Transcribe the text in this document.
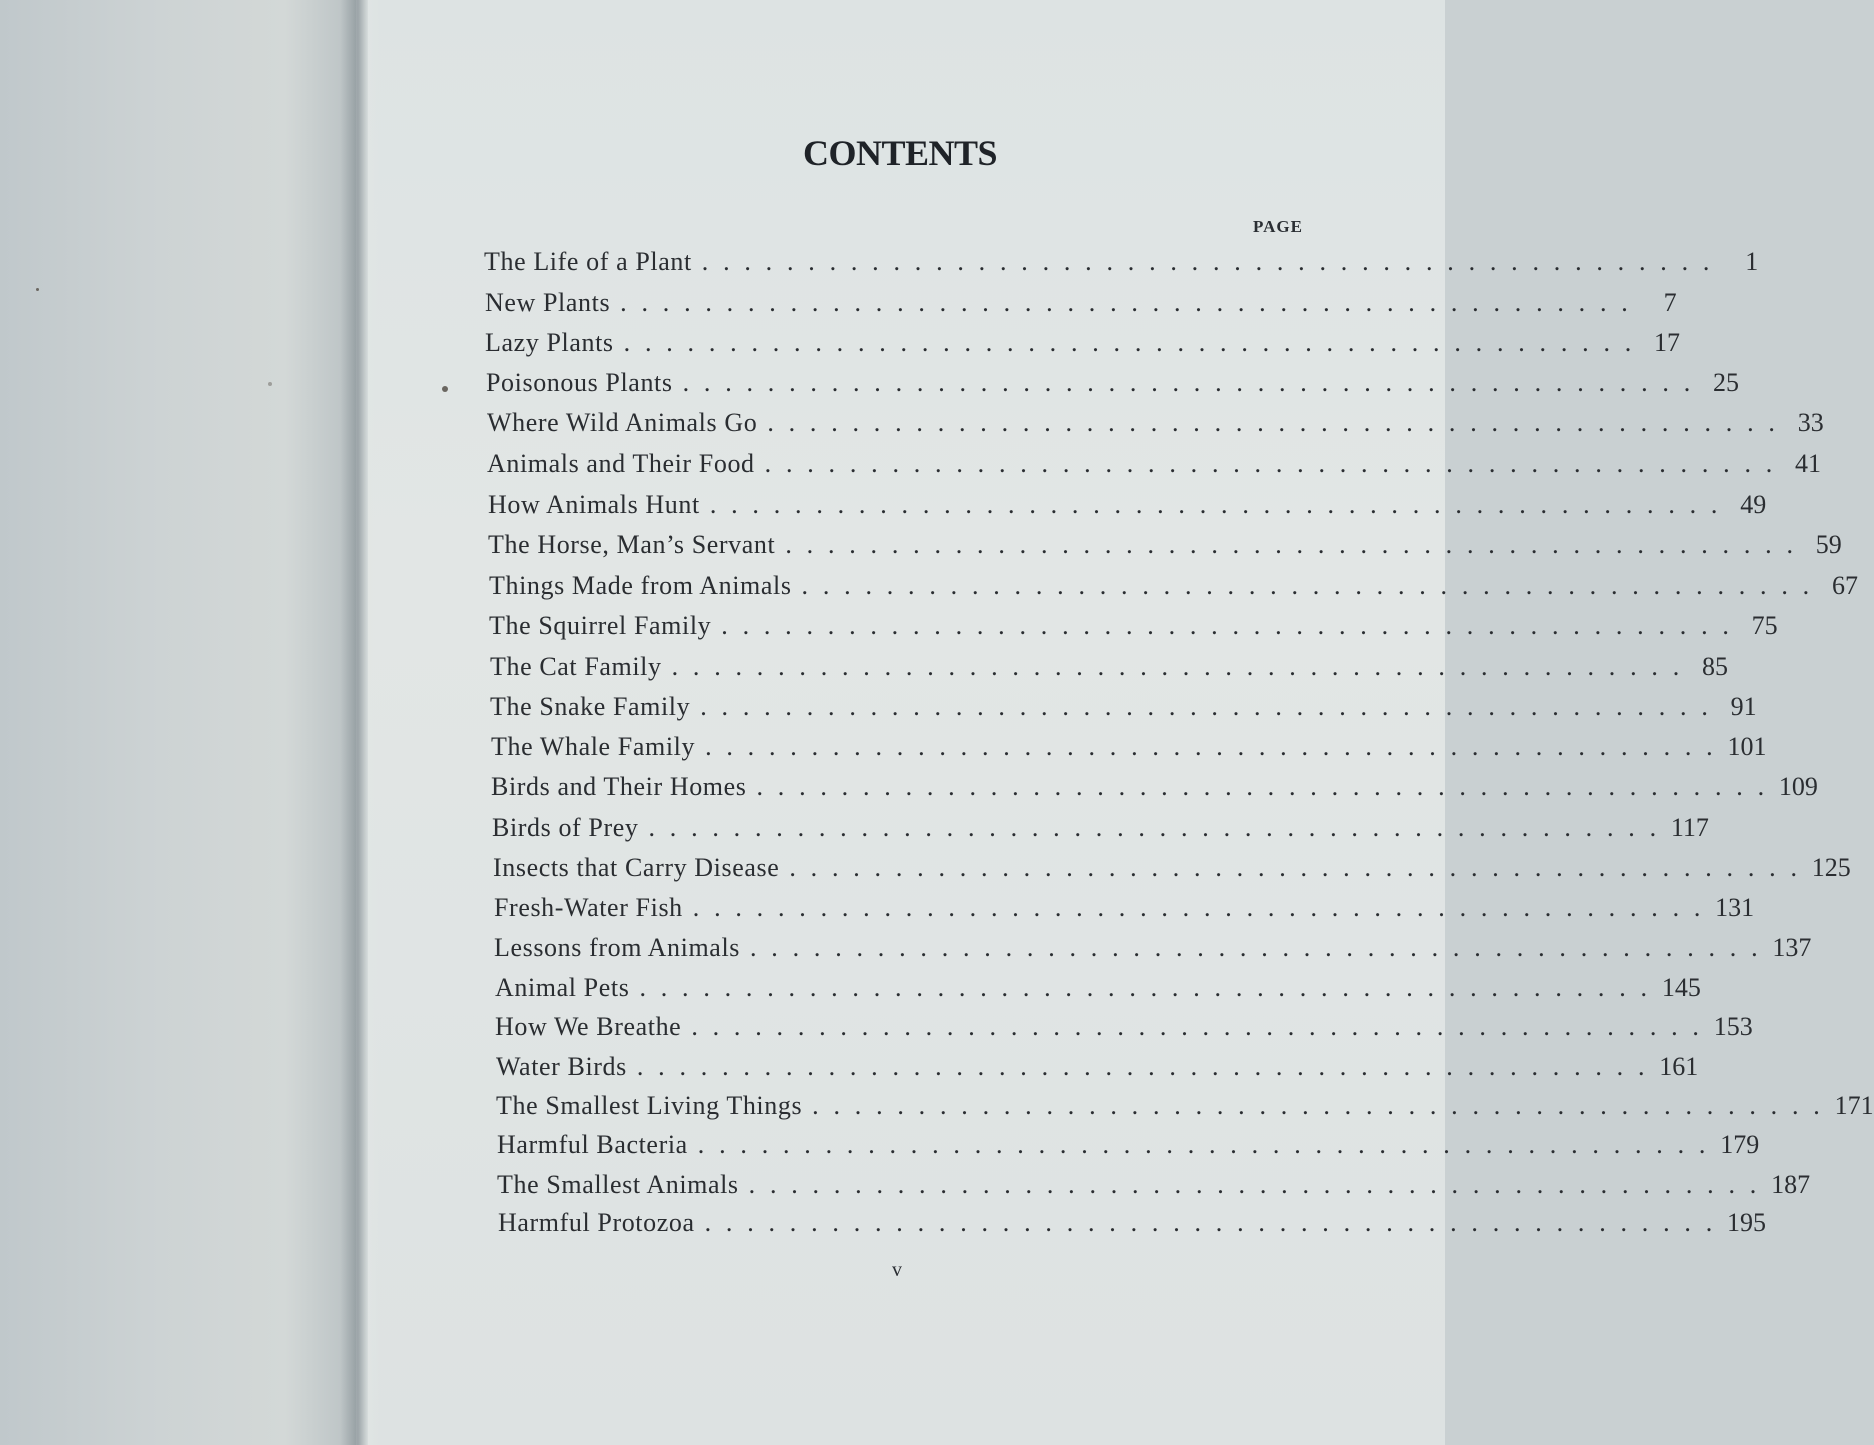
CONTENTS
PAGE
The Life of a Plant ................................................ 1
New Plants ................................................ 7
Lazy Plants ................................................ 17
Poisonous Plants ................................................ 25
Where Wild Animals Go ................................................ 33
Animals and Their Food ................................................ 41
How Animals Hunt ................................................ 49
The Horse, Man’s Servant ................................................ 59
Things Made from Animals ................................................ 67
The Squirrel Family ................................................ 75
The Cat Family ................................................ 85
The Snake Family ................................................ 91
The Whale Family ................................................ 101
Birds and Their Homes ................................................ 109
Birds of Prey ................................................ 117
Insects that Carry Disease ................................................ 125
Fresh-Water Fish ................................................ 131
Lessons from Animals ................................................ 137
Animal Pets ................................................ 145
How We Breathe ................................................ 153
Water Birds ................................................ 161
The Smallest Living Things ................................................ 171
Harmful Bacteria ................................................ 179
The Smallest Animals ................................................ 187
Harmful Protozoa ................................................ 195
v
